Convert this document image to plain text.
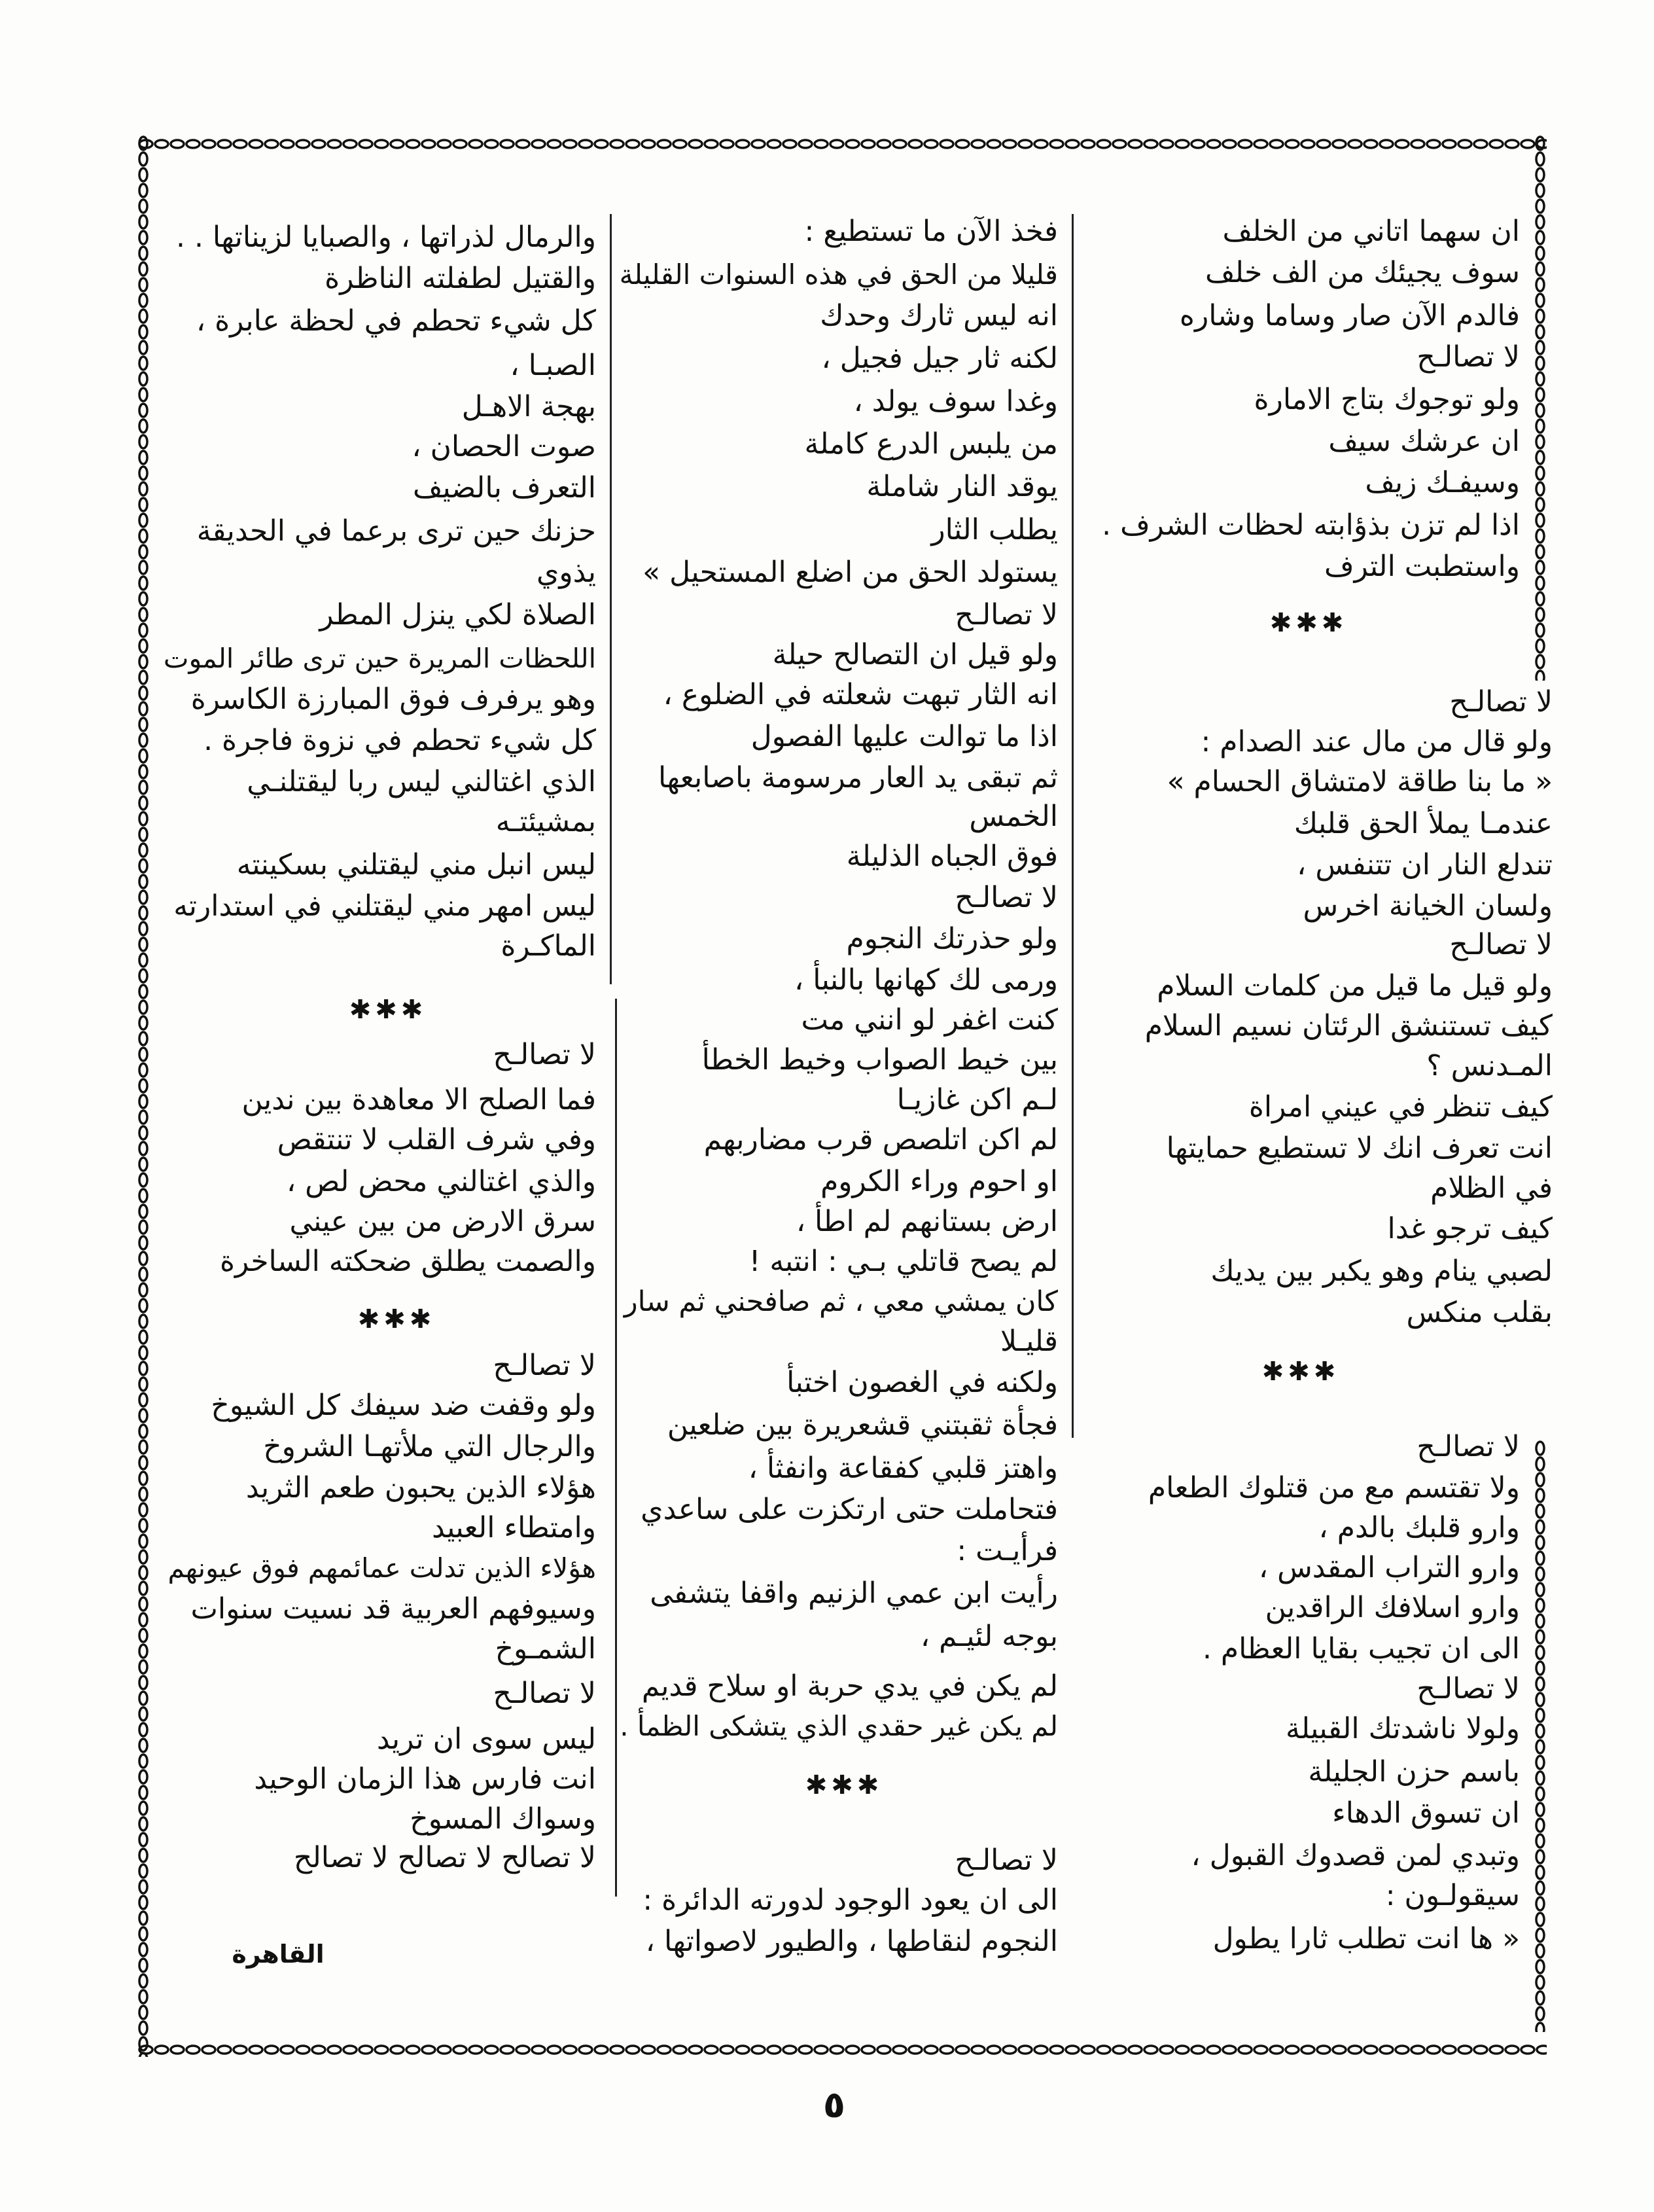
ان سهما اتاني من الخلف
سوف يجيئك من الف خلف
فالدم الآن صار وساما وشاره
لا تصالـح
ولو توجوك بتاج الامارة
ان عرشك سيف
وسيفـك زيف
اذا لم تزن بذؤابته لحظات الشرف .
واستطبت الترف
✱✱✱
لا تصالـح
ولو قال من مال عند الصدام :
« ما بنا طاقة لامتشاق الحسام »
عندمـا يملأ الحق قلبك
تندلع النار ان تتنفس ،
ولسان الخيانة اخرس
لا تصالـح
ولو قيل ما قيل من كلمات السلام
كيف تستنشق الرئتان نسيم السلام
المـدنس ؟
كيف تنظر في عيني امراة
انت تعرف انك لا تستطيع حمايتها
في الظلام
كيف ترجو غدا
لصبي ينام وهو يكبر بين يديك
بقلب منكس
✱✱✱
لا تصالـح
ولا تقتسم مع من قتلوك الطعام
وارو قلبك بالدم ،
وارو التراب المقدس ،
وارو اسلافك الراقدين
الى ان تجيب بقايا العظام .
لا تصالـح
ولولا ناشدتك القبيلة
باسم حزن الجليلة
ان تسوق الدهاء
وتبدي لمن قصدوك القبول ،
سيقولـون :
« ها انت تطلب ثارا يطول
فخذ الآن ما تستطيع :
قليلا من الحق في هذه السنوات القليلة
انه ليس ثارك وحدك
لكنه ثار جيل فجيل ،
وغدا سوف يولد ،
من يلبس الدرع كاملة
يوقد النار شاملة
يطلب الثار
يستولد الحق من اضلع المستحيل »
لا تصالـح
ولو قيل ان التصالح حيلة
انه الثار تبهت شعلته في الضلوع ،
اذا ما توالت عليها الفصول
ثم تبقى يد العار مرسومة باصابعها
الخمس
فوق الجباه الذليلة
لا تصالـح
ولو حذرتك النجوم
ورمى لك كهانها بالنبأ ،
كنت اغفر لو انني مت
بين خيط الصواب وخيط الخطأ
لـم اكن غازيـا
لم اكن اتلصص قرب مضاربهم
او احوم وراء الكروم
ارض بستانهم لم اطأ ،
لم يصح قاتلي بـي : انتبه !
كان يمشي معي ، ثم صافحني ثم سار
قليـلا
ولكنه في الغصون اختبأ
فجأة ثقبتني قشعريرة بين ضلعين
واهتز قلبي كفقاعة وانفثأ ،
فتحاملت حتى ارتكزت على ساعدي
فرأيـت :
رأيت ابن عمي الزنيم واقفا يتشفى
بوجه لئيـم ،
لم يكن في يدي حربة او سلاح قديم
لم يكن غير حقدي الذي يتشكى الظمأ .
✱✱✱
لا تصالـح
الى ان يعود الوجود لدورته الدائرة :
النجوم لنقاطها ، والطيور لاصواتها ،
والرمال لذراتها ، والصبايا لزيناتها . .
والقتيل لطفلته الناظرة
كل شيء تحطم في لحظة عابرة ،
الصبـا ،
بهجة الاهـل
صوت الحصان ،
التعرف بالضيف
حزنك حين ترى برعما في الحديقة
يذوي
الصلاة لكي ينزل المطر
اللحظات المريرة حين ترى طائر الموت
وهو يرفرف فوق المبارزة الكاسرة
كل شيء تحطم في نزوة فاجرة .
الذي اغتالني ليس ربا ليقتلنـي
بمشيئتـه
ليس انبل مني ليقتلني بسكينته
ليس امهر مني ليقتلني في استدارته
الماكـرة
✱✱✱
لا تصالـح
فما الصلح الا معاهدة بين ندين
وفي شرف القلب لا تنتقص
والذي اغتالني محض لص ،
سرق الارض من بين عيني
والصمت يطلق ضحكته الساخرة
✱✱✱
لا تصالـح
ولو وقفت ضد سيفك كل الشيوخ
والرجال التي ملأتهـا الشروخ
هؤلاء الذين يحبون طعم الثريد
وامتطاء العبيد
هؤلاء الذين تدلت عمائمهم فوق عيونهم
وسيوفهم العربية قد نسيت سنوات
الشمـوخ
لا تصالـح
ليس سوى ان تريد
انت فارس هذا الزمان الوحيد
وسواك المسوخ
لا تصالح لا تصالح لا تصالح
القاهرة
٥
